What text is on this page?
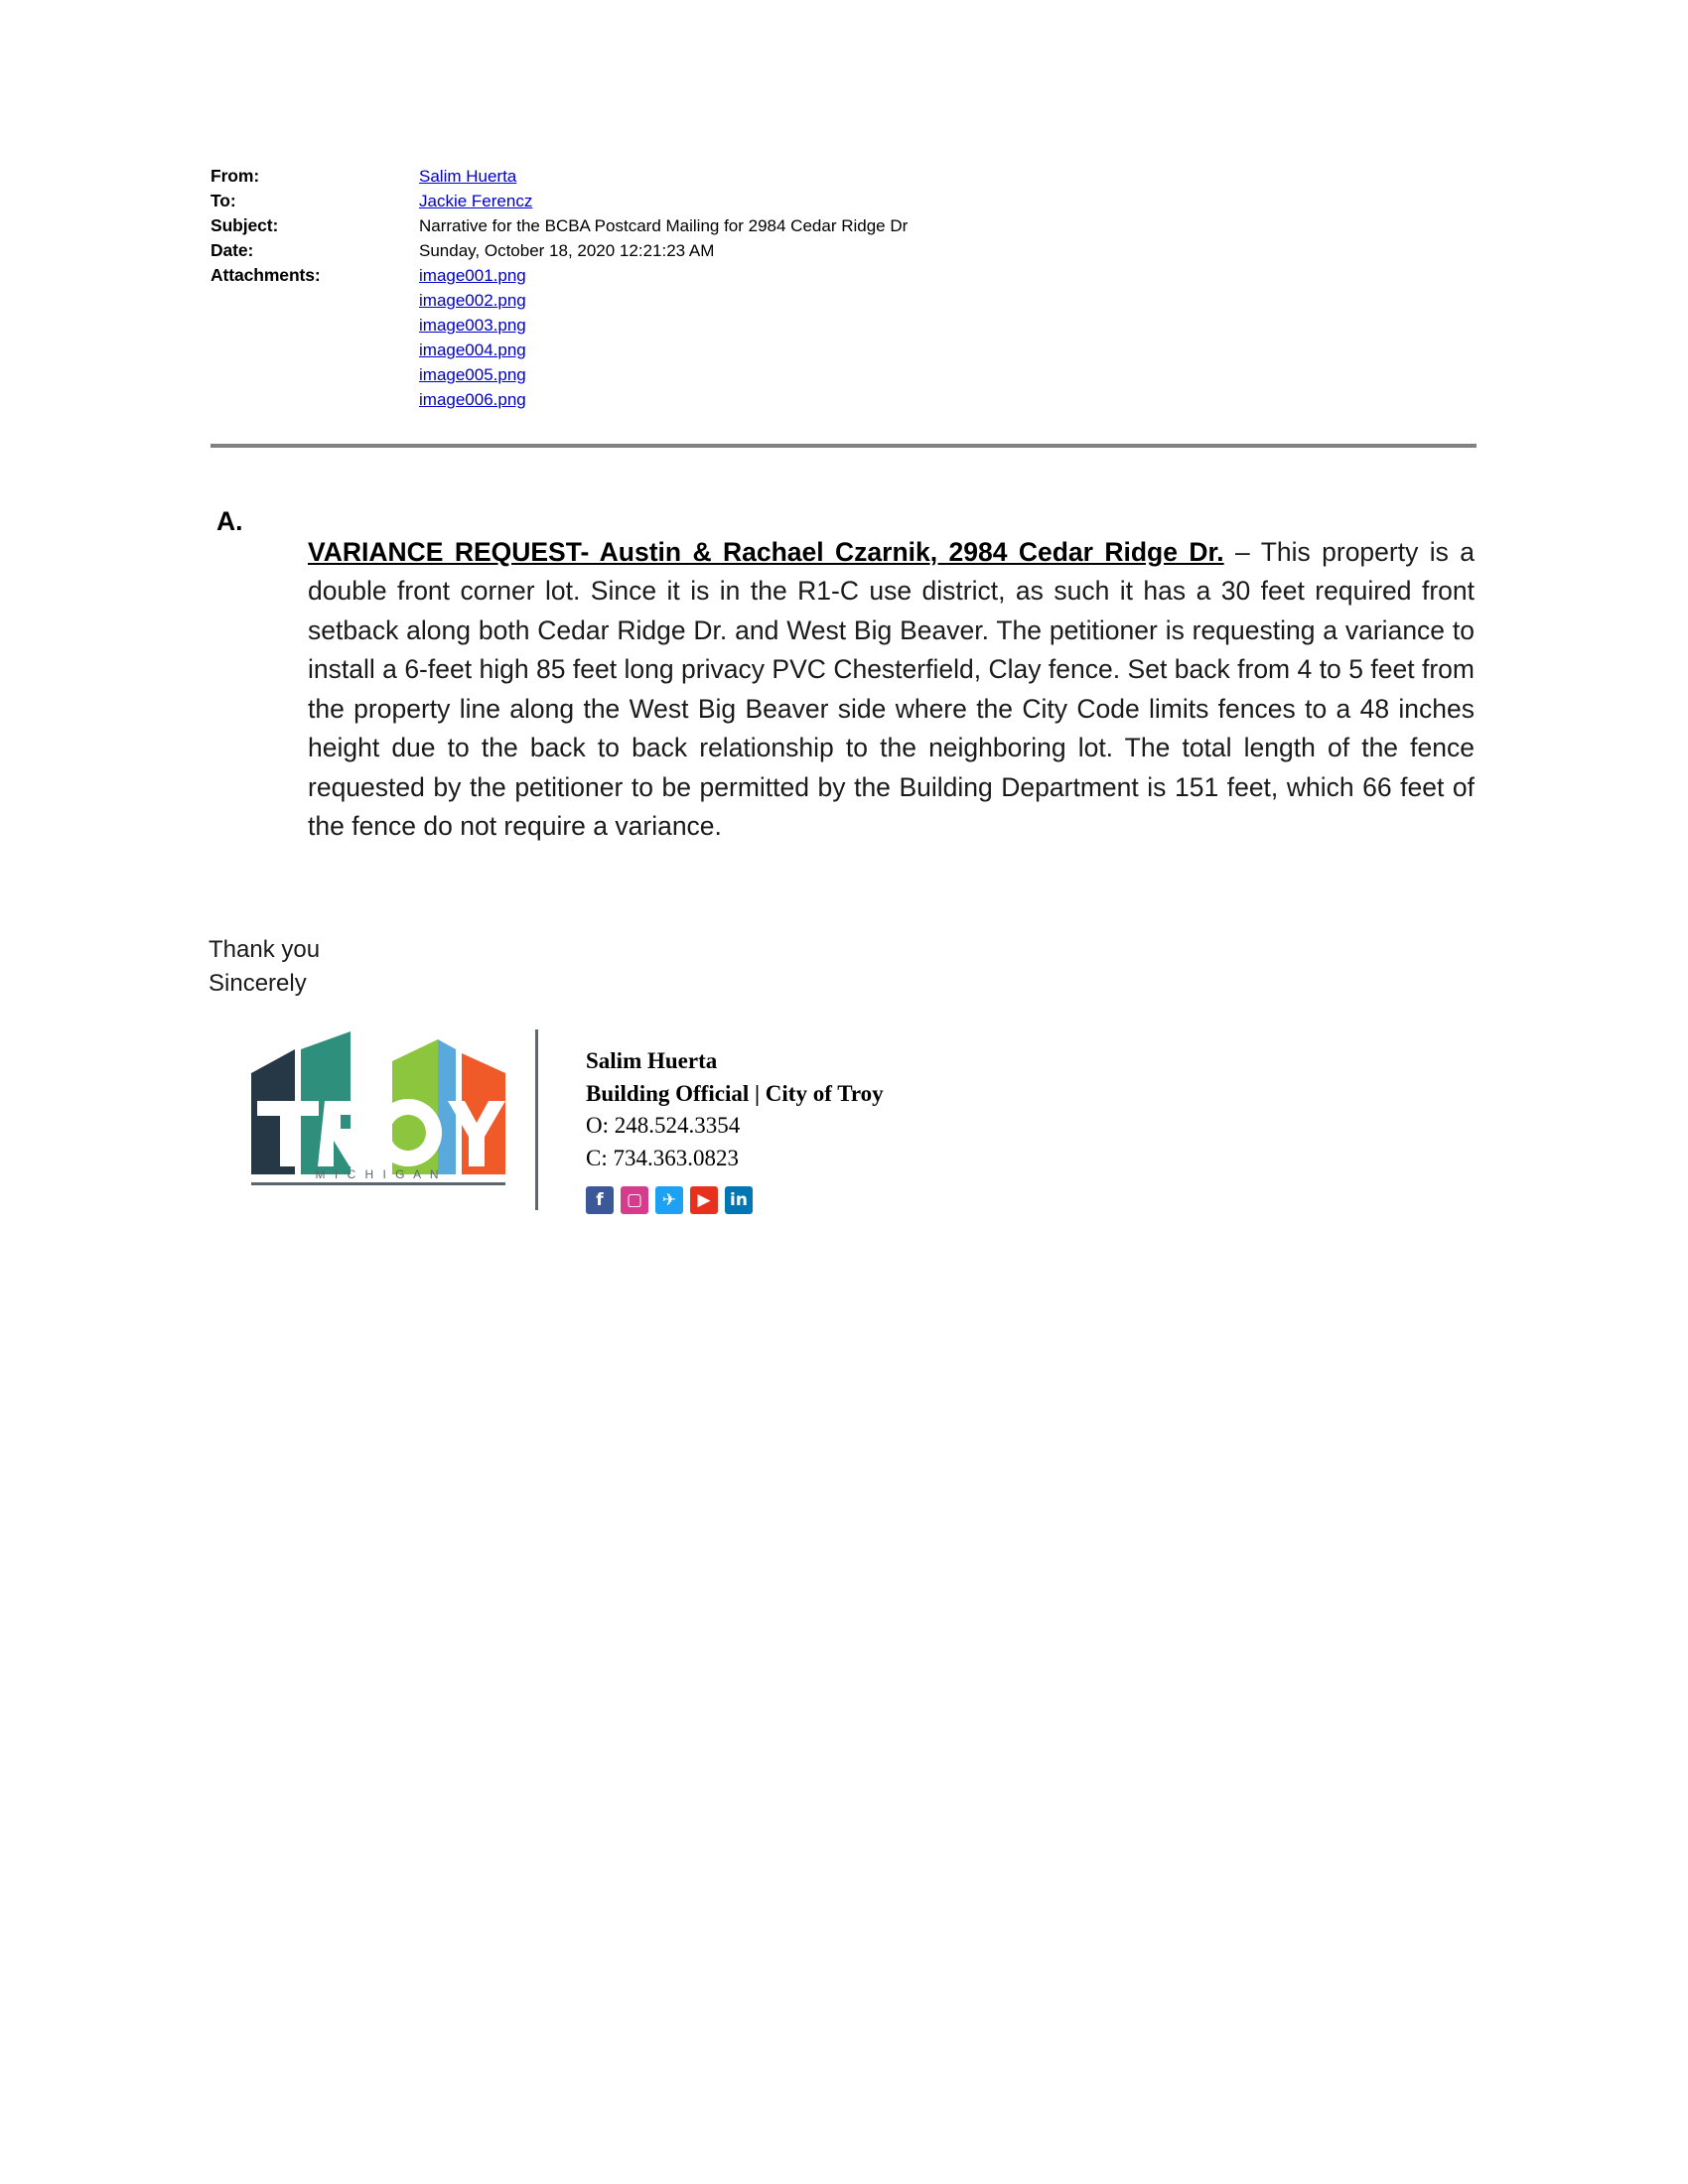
From:	Salim Huerta
To:	Jackie Ferencz
Subject:	Narrative for the BCBA Postcard Mailing for 2984 Cedar Ridge Dr
Date:	Sunday, October 18, 2020 12:21:23 AM
Attachments:	image001.png
image002.png
image003.png
image004.png
image005.png
image006.png
A.

VARIANCE REQUEST- Austin & Rachael Czarnik, 2984 Cedar Ridge Dr. – This property is a double front corner lot. Since it is in the R1-C use district, as such it has a 30 feet required front setback along both Cedar Ridge Dr. and West Big Beaver. The petitioner is requesting a variance to install a 6-feet high 85 feet long privacy PVC Chesterfield, Clay fence. Set back from 4 to 5 feet from the property line along the West Big Beaver side where the City Code limits fences to a 48 inches height due to the back to back relationship to the neighboring lot. The total length of the fence requested by the petitioner to be permitted by the Building Department is 151 feet, which 66 feet of the fence do not require a variance.

Thank you
Sincerely
M I C H I G A N
Salim Huerta
Building Official | City of Troy
O: 248.524.3354
C: 734.363.0823
f	▢	✈	▶	in
